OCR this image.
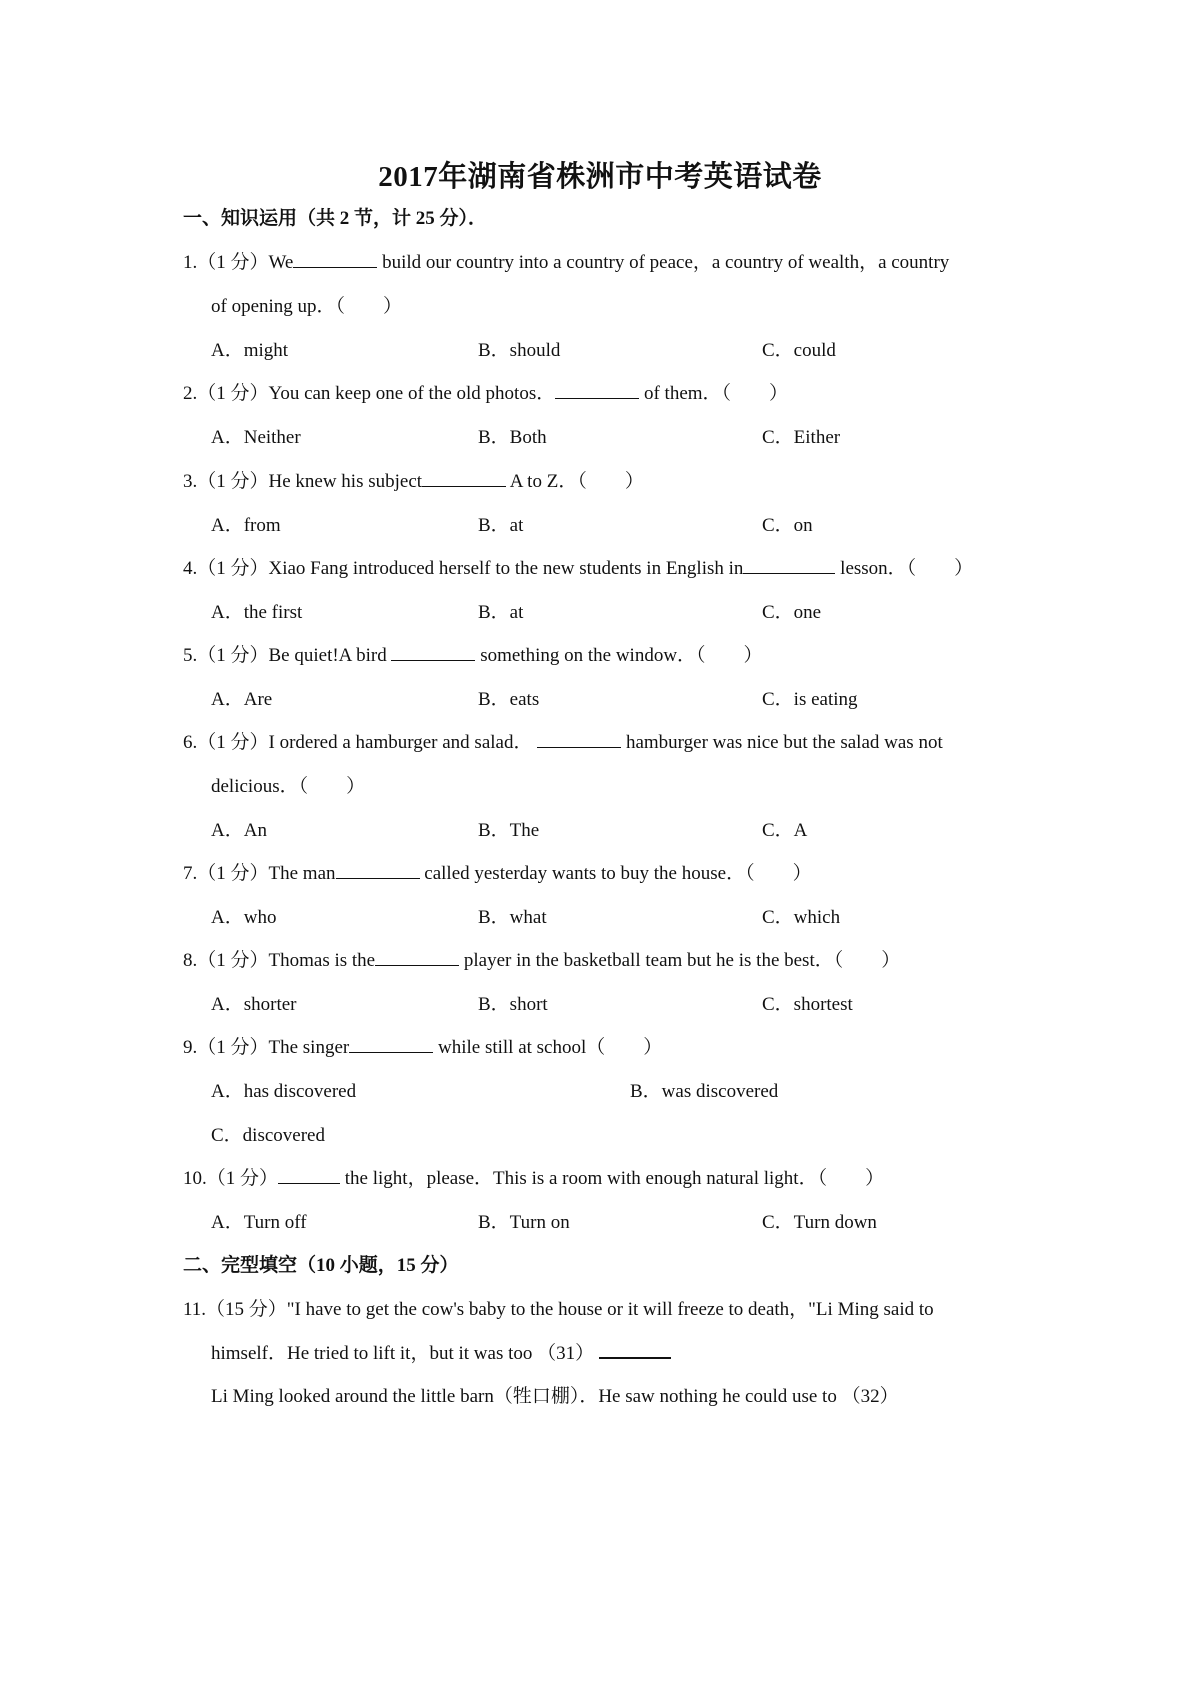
2017年湖南省株洲市中考英语试卷
一、知识运用（共 2 节，计 25 分）．
1.（1 分）We	build our country into a country of peace，a country of wealth，a country
of opening up．（　　）
A．might	B．should	C．could
2.（1 分）You can keep one of the old photos．	of them．（　　）
A．Neither	B．Both	C．Either
3.（1 分）He knew his subject	A to Z．（　　）
A．from	B．at	C．on
4.（1 分）Xiao Fang introduced herself to the new students in English in	lesson．（　　）
A．the first	B．at	C．one
5.（1 分）Be quiet!A bird	something on the window．（　　）
A．Are	B．eats	C．is eating
6.（1 分）I ordered a hamburger and salad．	hamburger was nice but the salad was not
delicious．（　　）
A．An	B．The	C．A
7.（1 分）The man	called yesterday wants to buy the house．（　　）
A．who	B．what	C．which
8.（1 分）Thomas is the	player in the basketball team but he is the best．（　　）
A．shorter	B．short	C．shortest
9.（1 分）The singer	while still at school（　　）
A．has discovered	B．was discovered
C．discovered
10.（1 分）	the light，please．This is a room with enough natural light．（　　）
A．Turn off	B．Turn on	C．Turn down
二、完型填空（10 小题，15 分）
11.（15 分）"I have to get the cow's baby to the house or it will freeze to death，"Li Ming said to
himself．He tried to lift it，but it was too （31）
Li Ming looked around the little barn（牲口棚）．He saw nothing he could use to （32）
